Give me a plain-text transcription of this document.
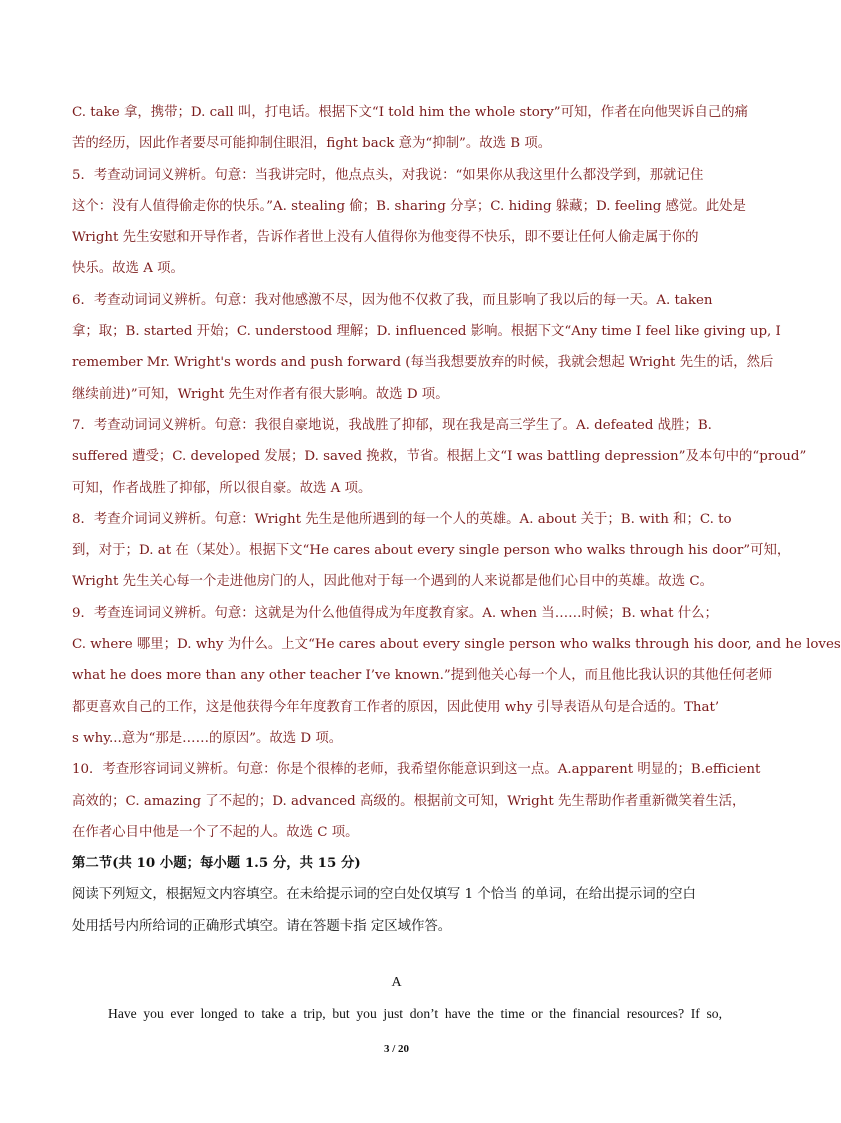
C. take 拿，携带；D. call 叫，打电话。根据下文“I told him the whole story”可知，作者在向他哭诉自己的痛
苦的经历，因此作者要尽可能抑制住眼泪，fight back 意为“抑制”。故选 B 项。
5．考查动词词义辨析。句意：当我讲完时，他点点头，对我说：“如果你从我这里什么都没学到，那就记住
这个：没有人值得偷走你的快乐。”A. stealing 偷；B. sharing 分享；C. hiding 躲藏；D. feeling 感觉。此处是
Wright 先生安慰和开导作者，告诉作者世上没有人值得你为他变得不快乐，即不要让任何人偷走属于你的
快乐。故选 A 项。
6．考查动词词义辨析。句意：我对他感激不尽，因为他不仅救了我，而且影响了我以后的每一天。A. taken
拿；取；B. started 开始；C. understood 理解；D. influenced 影响。根据下文“Any time I feel like giving up, I
remember Mr. Wright's words and push forward (每当我想要放弃的时候，我就会想起 Wright 先生的话，然后
继续前进)”可知，Wright 先生对作者有很大影响。故选 D 项。
7．考查动词词义辨析。句意：我很自豪地说，我战胜了抑郁，现在我是高三学生了。A. defeated 战胜；B.
suffered 遭受；C. developed 发展；D. saved 挽救，节省。根据上文“I was battling depression”及本句中的“proud”
可知，作者战胜了抑郁，所以很自豪。故选 A 项。
8．考查介词词义辨析。句意：Wright 先生是他所遇到的每一个人的英雄。A. about 关于；B. with 和；C. to
到，对于；D. at 在（某处）。根据下文“He cares about every single person who walks through his door”可知，
Wright 先生关心每一个走进他房门的人，因此他对于每一个遇到的人来说都是他们心目中的英雄。故选 C。
9．考查连词词义辨析。句意：这就是为什么他值得成为年度教育家。A. when 当……时候；B. what 什么；
C. where 哪里；D. why 为什么。上文“He cares about every single person who walks through his door, and he loves
what he does more than any other teacher I’ve known.”提到他关心每一个人，而且他比我认识的其他任何老师
都更喜欢自己的工作，这是他获得今年年度教育工作者的原因，因此使用 why 引导表语从句是合适的。That’
s why...意为“那是……的原因”。故选 D 项。
10．考查形容词词义辨析。句意：你是个很棒的老师，我希望你能意识到这一点。A.apparent 明显的；B.efficient
高效的；C. amazing 了不起的；D. advanced 高级的。根据前文可知，Wright 先生帮助作者重新微笑着生活，
在作者心目中他是一个了不起的人。故选 C 项。
第二节(共 10 小题；每小题 1.5 分，共 15 分)
阅读下列短文，根据短文内容填空。在未给提示词的空白处仅填写 1 个恰当 的单词，在给出提示词的空白
处用括号内所给词的正确形式填空。请在答题卡指 定区域作答。
A
Have you ever longed to take a trip, but you just don’t have the time or the financial resources? If so,
3 / 20
